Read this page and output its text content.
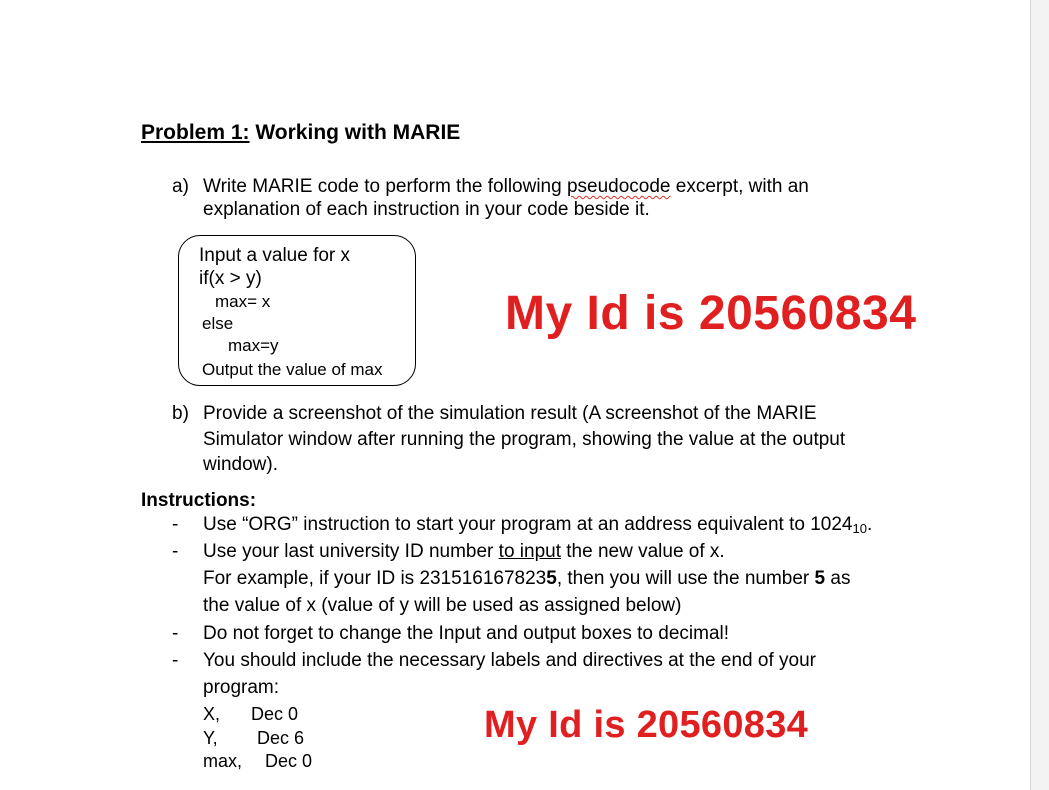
Problem 1: Working with MARIE
a) Write MARIE code to perform the following pseudocode excerpt, with an
explanation of each instruction in your code beside it.
Input a value for x
if(x > y)
max= x
else
max=y
Output the value of max
My Id is 20560834
b) Provide a screenshot of the simulation result (A screenshot of the MARIE
Simulator window after running the program, showing the value at the output
window).
Instructions:
- Use “ORG” instruction to start your program at an address equivalent to $1024_{10}$.
- Use your last university ID number to input the new value of x.
For example, if your ID is 2315161678235, then you will use the number 5 as
the value of x (value of y will be used as assigned below)
- Do not forget to change the Input and output boxes to decimal!
- You should include the necessary labels and directives at the end of your
program:
X, Dec 0
Y, Dec 6
max, Dec 0
My Id is 20560834
